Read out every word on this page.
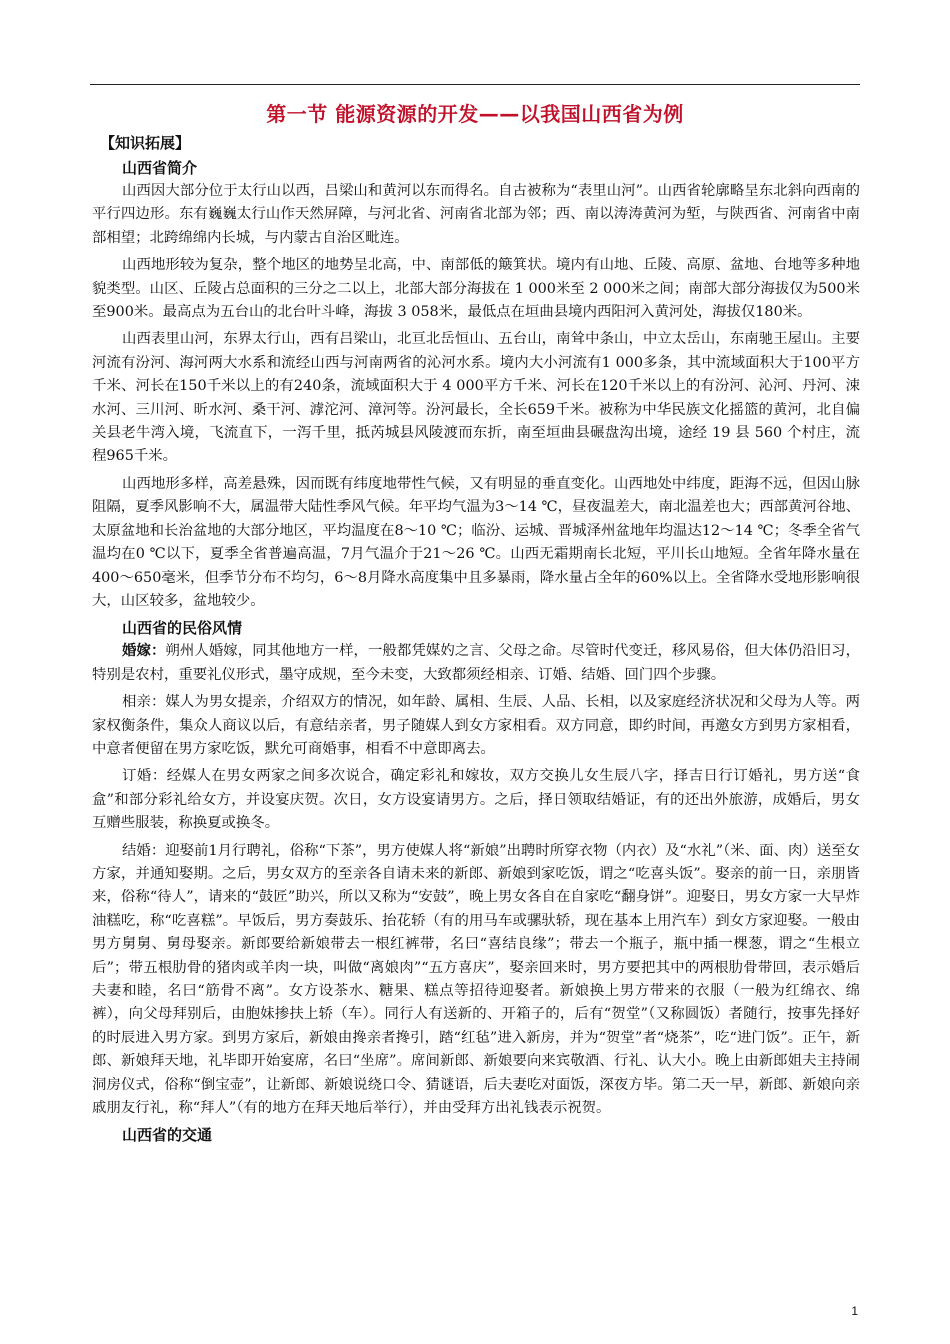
第一节 能源资源的开发——以我国山西省为例
【知识拓展】
山西省简介

山西因大部分位于太行山以西，吕梁山和黄河以东而得名。自古被称为“表里山河”。山西省轮廓略呈东北斜向西南的平行四边形。东有巍巍太行山作天然屏障，与河北省、河南省北部为邻；西、南以涛涛黄河为堑，与陕西省、河南省中南部相望；北跨绵绵内长城，与内蒙古自治区毗连。

山西地形较为复杂，整个地区的地势呈北高，中、南部低的簸箕状。境内有山地、丘陵、高原、盆地、台地等多种地貌类型。山区、丘陵占总面积的三分之二以上，北部大部分海拔在 1 000米至 2 000米之间；南部大部分海拔仅为500米至900米。最高点为五台山的北台叶斗峰，海拔 3 058米，最低点在垣曲县境内西阳河入黄河处，海拔仅180米。

山西表里山河，东界太行山，西有吕梁山，北亘北岳恒山、五台山，南耸中条山，中立太岳山，东南驰王屋山。主要河流有汾河、海河两大水系和流经山西与河南两省的沁河水系。境内大小河流有1 000多条，其中流域面积大于100平方千米、河长在150千米以上的有240条，流域面积大于 4 000平方千米、河长在120千米以上的有汾河、沁河、丹河、涑水河、三川河、昕水河、桑干河、滹沱河、漳河等。汾河最长，全长659千米。被称为中华民族文化摇篮的黄河，北自偏关县老牛湾入境，飞流直下，一泻千里，抵芮城县风陵渡而东折，南至垣曲县碾盘沟出境，途经 19 县 560 个村庄，流程965千米。

山西地形多样，高差悬殊，因而既有纬度地带性气候，又有明显的垂直变化。山西地处中纬度，距海不远，但因山脉阻隔，夏季风影响不大，属温带大陆性季风气候。年平均气温为3～14 ℃，昼夜温差大，南北温差也大；西部黄河谷地、太原盆地和长治盆地的大部分地区，平均温度在8～10 ℃；临汾、运城、晋城泽州盆地年均温达12～14 ℃；冬季全省气温均在0 ℃以下，夏季全省普遍高温，7月气温介于21～26 ℃。山西无霜期南长北短，平川长山地短。全省年降水量在400～650毫米，但季节分布不均匀，6～8月降水高度集中且多暴雨，降水量占全年的60%以上。全省降水受地形影响很大，山区较多，盆地较少。

山西省的民俗风情

婚嫁：朔州人婚嫁，同其他地方一样，一般都凭媒妁之言、父母之命。尽管时代变迁，移风易俗，但大体仍沿旧习，特别是农村，重要礼仪形式，墨守成规，至今未变，大致都须经相亲、订婚、结婚、回门四个步骤。

相亲：媒人为男女提亲，介绍双方的情况，如年龄、属相、生辰、人品、长相，以及家庭经济状况和父母为人等。两家权衡条件，集众人商议以后，有意结亲者，男子随媒人到女方家相看。双方同意，即约时间，再邀女方到男方家相看，中意者便留在男方家吃饭，默允可商婚事，相看不中意即离去。

订婚：经媒人在男女两家之间多次说合，确定彩礼和嫁妆，双方交换儿女生辰八字，择吉日行订婚礼，男方送“食盒”和部分彩礼给女方，并设宴庆贺。次日，女方设宴请男方。之后，择日领取结婚证，有的还出外旅游，成婚后，男女互赠些服装，称换夏或换冬。

结婚：迎娶前1月行聘礼，俗称“下茶”，男方使媒人将“新娘”出聘时所穿衣物（内衣）及“水礼”（米、面、肉）送至女方家，并通知娶期。之后，男女双方的至亲各自请未来的新郎、新娘到家吃饭，谓之“吃喜头饭”。娶亲的前一日，亲朋皆来，俗称“待人”，请来的“鼓匠”助兴，所以又称为“安鼓”，晚上男女各自在自家吃“翻身饼”。迎娶日，男女方家一大早炸油糕吃，称“吃喜糕”。早饭后，男方奏鼓乐、抬花轿（有的用马车或骡驮轿，现在基本上用汽车）到女方家迎娶。一般由男方舅舅、舅母娶亲。新郎要给新娘带去一根红裤带，名曰“喜结良缘”；带去一个瓶子，瓶中插一棵葱，谓之“生根立后”；带五根肋骨的猪肉或羊肉一块，叫做“离娘肉”“五方喜庆”，娶亲回来时，男方要把其中的两根肋骨带回，表示婚后夫妻和睦，名曰“筋骨不离”。女方设茶水、糖果、糕点等招待迎娶者。新娘换上男方带来的衣服（一般为红绵衣、绵裤），向父母拜别后，由胞妹掺扶上轿（车）。同行人有送新的、开箱子的，后有“贺堂”（又称圆饭）者随行，按事先择好的时辰进入男方家。到男方家后，新娘由搀亲者搀引，踏“红毡”进入新房，并为“贺堂”者“烧茶”，吃“进门饭”。正午，新郎、新娘拜天地，礼毕即开始宴席，名曰“坐席”。席间新郎、新娘要向来宾敬酒、行礼、认大小。晚上由新郎姐夫主持闹洞房仪式，俗称“倒宝壶”，让新郎、新娘说绕口令、猜谜语，后夫妻吃对面饭，深夜方毕。第二天一早，新郎、新娘向亲戚朋友行礼，称“拜人”（有的地方在拜天地后举行），并由受拜方出礼钱表示祝贺。

山西省的交通
1
